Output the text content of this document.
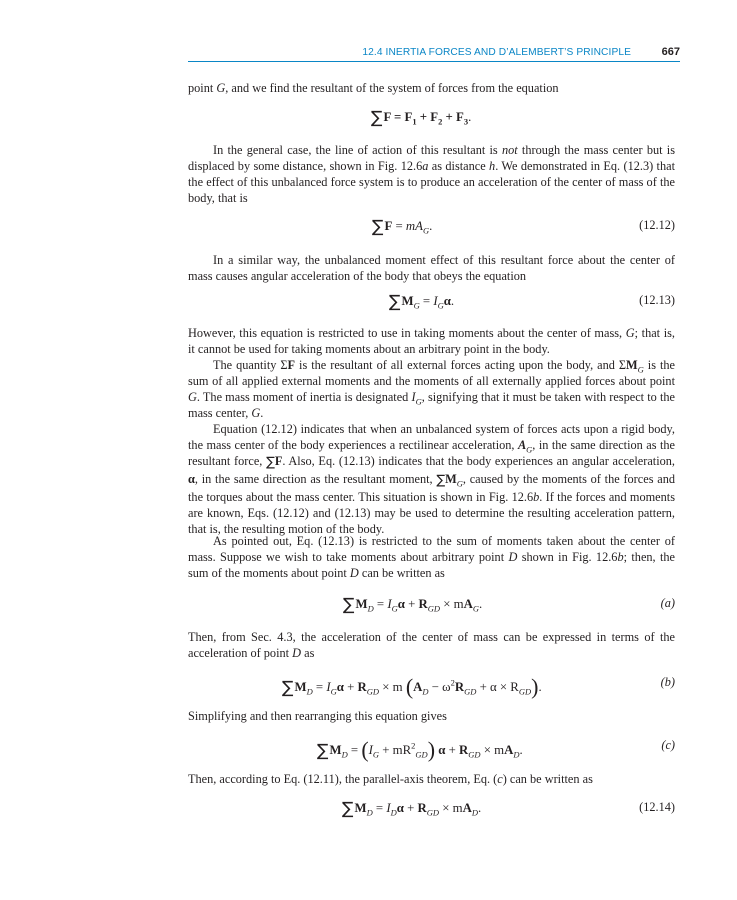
12.4 INERTIA FORCES AND D’ALEMBERT’S PRINCIPLE	667

point G, and we find the resultant of the system of forces from the equation

$\sum F = F_1 + F_2 + F_3$.

In the general case, the line of action of this resultant is not through the mass center but is displaced by some distance, shown in Fig. 12.6a as distance h. We demonstrated in Eq. (12.3) that the effect of this unbalanced force system is to produce an acceleration of the center of mass of the body, that is

$\sum F = mA_G$.	(12.12)

In a similar way, the unbalanced moment effect of this resultant force about the center of mass causes angular acceleration of the body that obeys the equation

$\sum M_G = I_G\alpha$.	(12.13)

However, this equation is restricted to use in taking moments about the center of mass, G; that is, it cannot be used for taking moments about an arbitrary point in the body.

The quantity ΣF is the resultant of all external forces acting upon the body, and $\Sigma M_G$ is the sum of all applied external moments and the moments of all externally applied forces about point G. The mass moment of inertia is designated $I_G$, signifying that it must be taken with respect to the mass center, G.

Equation (12.12) indicates that when an unbalanced system of forces acts upon a rigid body, the mass center of the body experiences a rectilinear acceleration, $A_G$, in the same direction as the resultant force, ∑F. Also, Eq. (12.13) indicates that the body experiences an angular acceleration, α, in the same direction as the resultant moment, $\sum M_G$, caused by the moments of the forces and the torques about the mass center. This situation is shown in Fig. 12.6b. If the forces and moments are known, Eqs. (12.12) and (12.13) may be used to determine the resulting acceleration pattern, that is, the resulting motion of the body.

As pointed out, Eq. (12.13) is restricted to the sum of moments taken about the center of mass. Suppose we wish to take moments about arbitrary point D shown in Fig. 12.6b; then, the sum of the moments about point D can be written as

$\sum M_D = I_G\alpha + R_{GD} \times mA_G$.	(a)

Then, from Sec. 4.3, the acceleration of the center of mass can be expressed in terms of the acceleration of point D as

$\sum M_D = I_G\alpha + R_{GD} \times m$ $(A_D - \omega^2R_{GD} + \alpha \times R_{GD})$.	(b)

Simplifying and then rearranging this equation gives

$\sum M_D = (I_G + mR^2_{GD}) \alpha + R_{GD} \times mA_D$.	(c)

Then, according to Eq. (12.11), the parallel-axis theorem, Eq. (c) can be written as

$\sum M_D = I_D\alpha + R_{GD} \times mA_D$.	(12.14)
